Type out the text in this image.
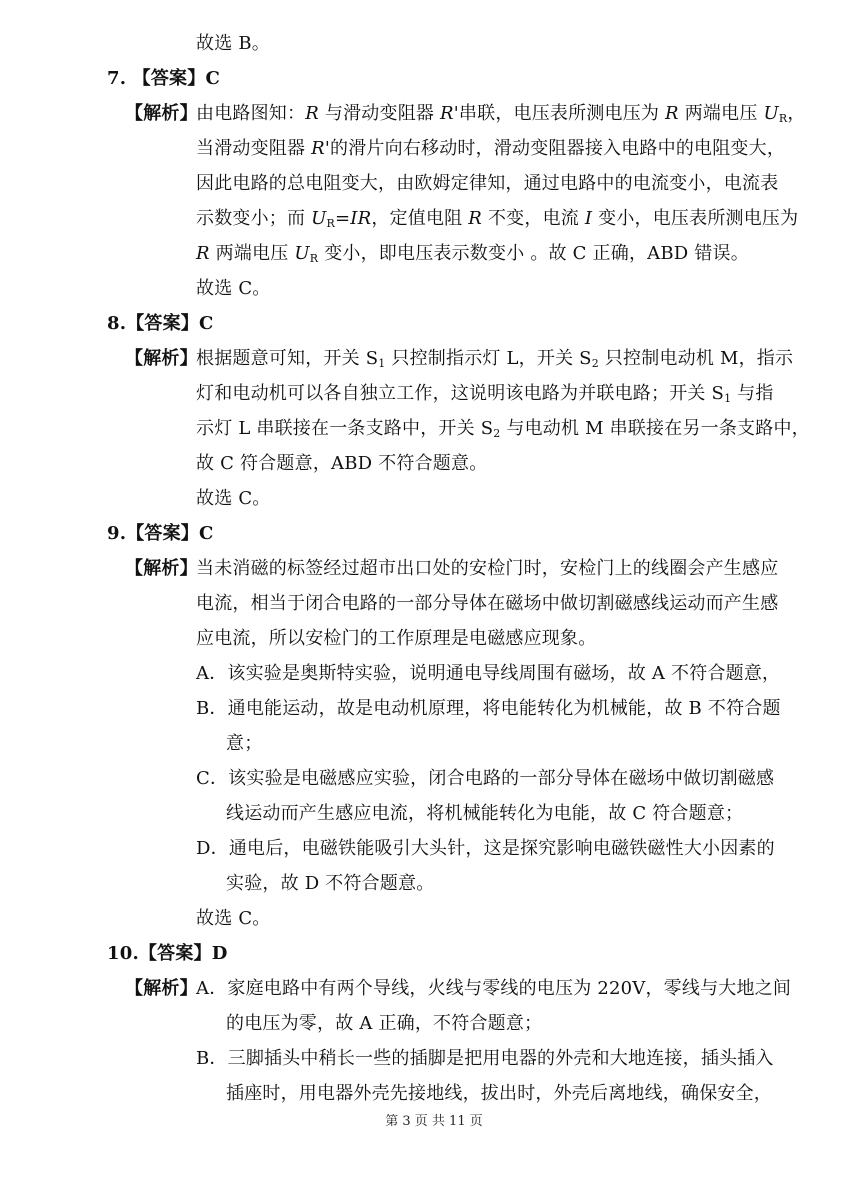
故选 B。
7. 【答案】C
【解析】
由电路图知：R 与滑动变阻器 R'串联，电压表所测电压为 R 两端电压 $U_R$，
当滑动变阻器 R'的滑片向右移动时，滑动变阻器接入电路中的电阻变大，
因此电路的总电阻变大，由欧姆定律知，通过电路中的电流变小，电流表
示数变小；而 $U_R=IR$，定值电阻 R 不变，电流 I 变小，电压表所测电压为
R 两端电压 $U_R$ 变小，即电压表示数变小 。故 C 正确，ABD 错误。
故选 C。
8.【答案】C
【解析】
根据题意可知，开关 $S_1$ 只控制指示灯 L，开关 $S_2$ 只控制电动机 M，指示
灯和电动机可以各自独立工作，这说明该电路为并联电路；开关 $S_1$ 与指
示灯 L 串联接在一条支路中，开关 $S_2$ 与电动机 M 串联接在另一条支路中，
故 C 符合题意，ABD 不符合题意。
故选 C。
9.【答案】C
【解析】
当未消磁的标签经过超市出口处的安检门时，安检门上的线圈会产生感应
电流，相当于闭合电路的一部分导体在磁场中做切割磁感线运动而产生感
应电流，所以安检门的工作原理是电磁感应现象。
A．该实验是奥斯特实验，说明通电导线周围有磁场，故 A 不符合题意，
B．通电能运动，故是电动机原理，将电能转化为机械能，故 B 不符合题
意；
C．该实验是电磁感应实验，闭合电路的一部分导体在磁场中做切割磁感
线运动而产生感应电流，将机械能转化为电能，故 C 符合题意；
D．通电后，电磁铁能吸引大头针，这是探究影响电磁铁磁性大小因素的
实验，故 D 不符合题意。
故选 C。
10.【答案】D
【解析】
A．家庭电路中有两个导线，火线与零线的电压为 220V，零线与大地之间
的电压为零，故 A 正确，不符合题意；
B．三脚插头中稍长一些的插脚是把用电器的外壳和大地连接，插头插入
插座时，用电器外壳先接地线，拔出时，外壳后离地线，确保安全，
第 3 页 共 11 页
